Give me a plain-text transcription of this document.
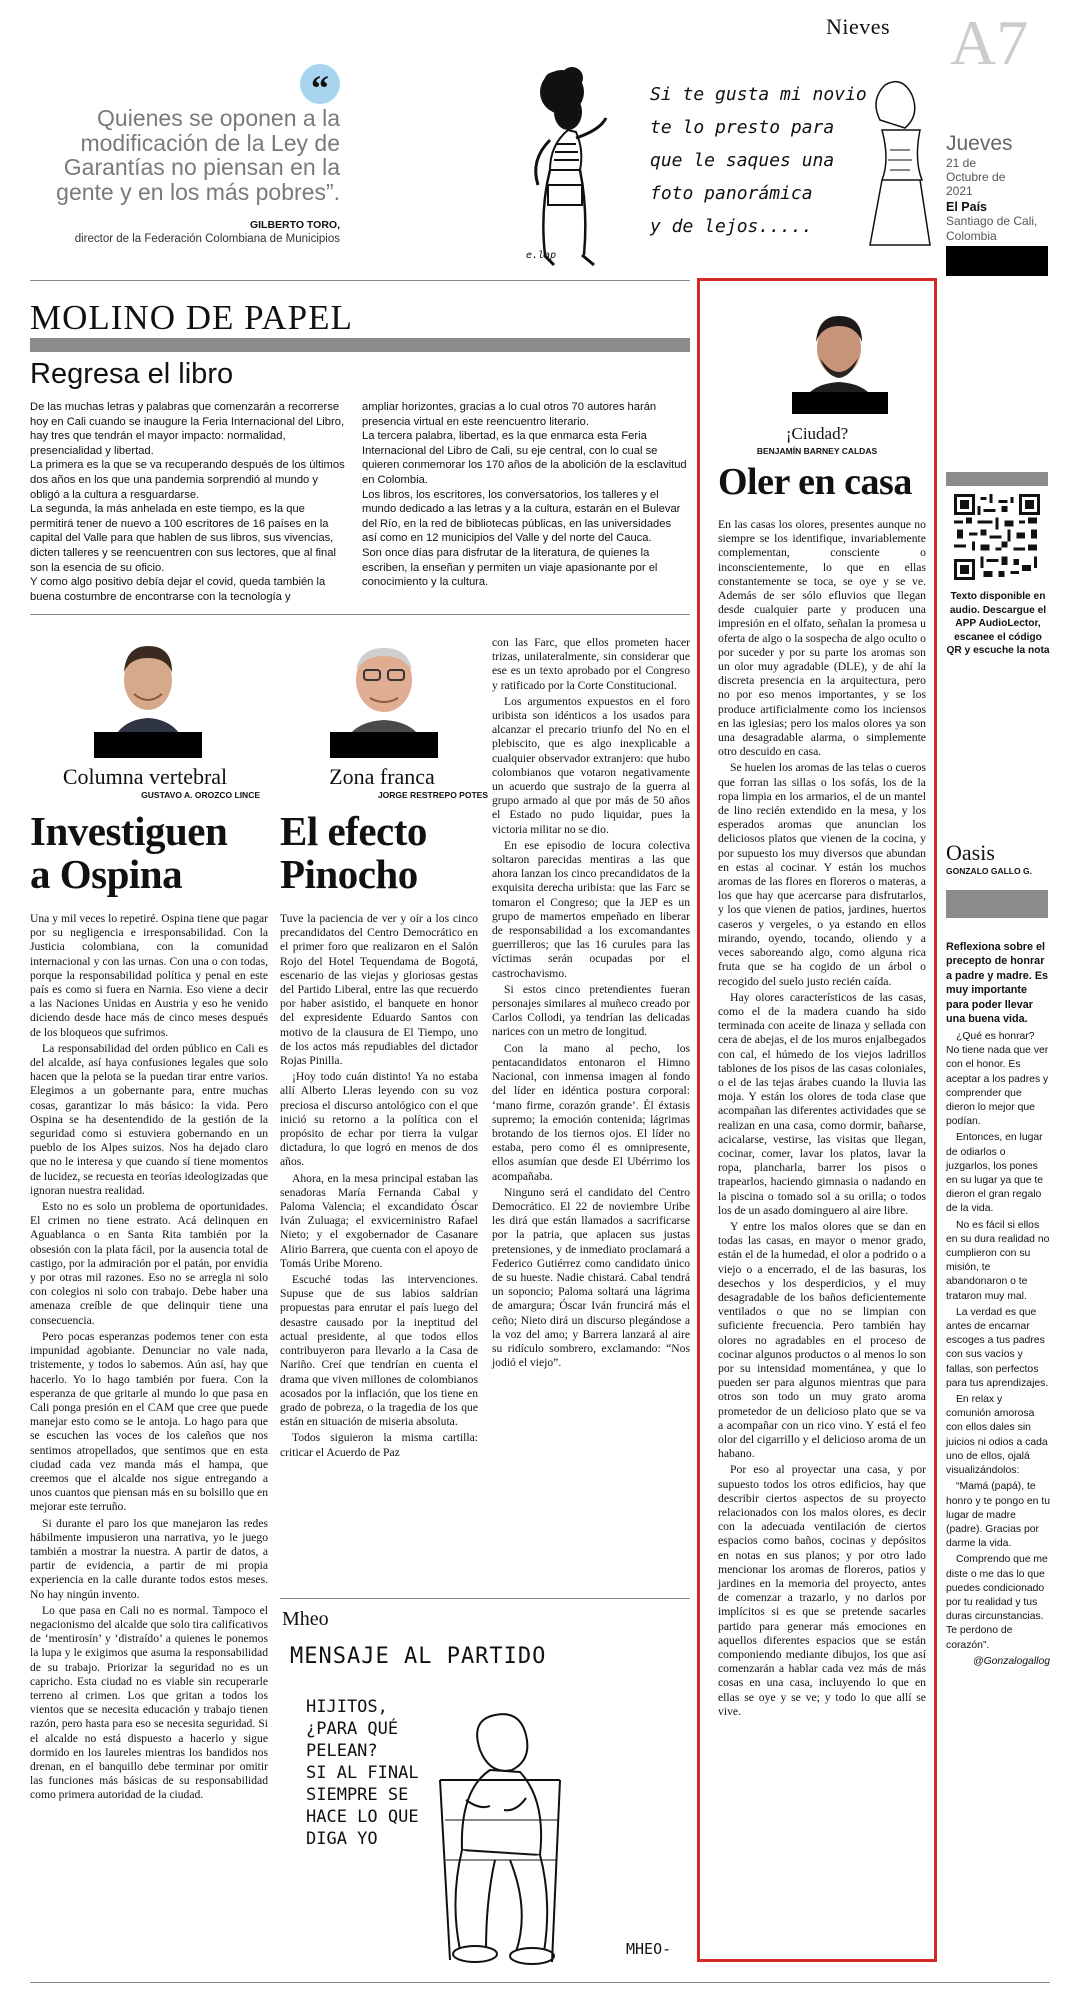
Nieves A7
Jueves
21 de Octubre de 2021
El País
Santiago de Cali, Colombia
“
Quienes se oponen a la modificación de la Ley de Garantías no piensan en la gente y en los más pobres”.
GILBERTO TORO,
director de la Federación Colombiana de Municipios
Si te gusta mi novio
te lo presto para
que le saques una
foto panorámica
y de lejos.....
e.lap
MOLINO DE PAPEL
Regresa el libro

De las muchas letras y palabras que comenzarán a recorrerse hoy en Cali cuando se inaugure la Feria Internacional del Libro, hay tres que tendrán el mayor impacto: normalidad, presencialidad y libertad.

La primera es la que se va recuperando después de los últimos dos años en los que una pandemia sorprendió al mundo y obligó a la cultura a resguardarse.

La segunda, la más anhelada en este tiempo, es la que permitirá tener de nuevo a 100 escritores de 16 países en la capital del Valle para que hablen de sus libros, sus vivencias, dicten talleres y se reencuentren con sus lectores, que al final son la esencia de su oficio.

Y como algo positivo debía dejar el covid, queda también la buena costumbre de encontrarse con la tecnología y

ampliar horizontes, gracias a lo cual otros 70 autores harán presencia virtual en este reencuentro literario.

La tercera palabra, libertad, es la que enmarca esta Feria Internacional del Libro de Cali, su eje central, con lo cual se quieren conmemorar los 170 años de la abolición de la esclavitud en Colombia.

Los libros, los escritores, los conversatorios, los talleres y el mundo dedicado a las letras y a la cultura, estarán en el Bulevar del Río, en la red de bibliotecas públicas, en las universidades así como en 12 municipios del Valle y del norte del Cauca.

Son once días para disfrutar de la literatura, de quienes la escriben, la enseñan y permiten un viaje apasionante por el conocimiento y la cultura.

Columna vertebral
GUSTAVO A. OROZCO LINCE
Investiguen
a Ospina

Una y mil veces lo repetiré. Ospina tiene que pagar por su negligencia e irresponsabilidad. Con la Justicia colombiana, con la comunidad internacional y con las urnas. Con una o con todas, porque la responsabilidad política y penal en este país es como si fuera en Narnia. Eso viene a decir a las Naciones Unidas en Austria y eso he venido diciendo desde hace más de cinco meses después de los bloqueos que sufrimos.

La responsabilidad del orden público en Cali es del alcalde, así haya confusiones legales que solo hacen que la pelota se la puedan tirar entre varios. Elegimos a un gobernante para, entre muchas cosas, garantizar lo más básico: la vida. Pero Ospina se ha desentendido de la gestión de la seguridad como si estuviera gobernando en un pueblo de los Alpes suizos. Nos ha dejado claro que no le interesa y que cuando sí tiene momentos de lucidez, se recuesta en teorías ideologizadas que ignoran nuestra realidad.

Esto no es solo un problema de oportunidades. El crimen no tiene estrato. Acá delinquen en Aguablanca o en Santa Rita también por la obsesión con la plata fácil, por la ausencia total de castigo, por la admiración por el patán, por envidia y por otras mil razones. Eso no se arregla ni solo con colegios ni solo con trabajo. Debe haber una amenaza creíble de que delinquir tiene una consecuencia.

Pero pocas esperanzas podemos tener con esta impunidad agobiante. Denunciar no vale nada, tristemente, y todos lo sabemos. Aún así, hay que hacerlo. Yo lo hago también por fuera. Con la esperanza de que gritarle al mundo lo que pasa en Cali ponga presión en el CAM que cree que puede manejar esto como se le antoja. Lo hago para que se escuchen las voces de los caleños que nos sentimos atropellados, que sentimos que en esta ciudad cada vez manda más el hampa, que creemos que el alcalde nos sigue entregando a unos cuantos que piensan más en su bolsillo que en mejorar este terruño.

Si durante el paro los que manejaron las redes hábilmente impusieron una narrativa, yo le juego también a mostrar la nuestra. A partir de datos, a partir de evidencia, a partir de mi propia experiencia en la calle durante todos estos meses. No hay ningún invento.

Lo que pasa en Cali no es normal. Tampoco el negacionismo del alcalde que solo tira calificativos de ‘mentirosín’ y ‘distraído’ a quienes le ponemos la lupa y le exigimos que asuma la responsabilidad de su trabajo. Priorizar la seguridad no es un capricho. Esta ciudad no es viable sin recuperarle terreno al crimen. Los que gritan a todos los vientos que se necesita educación y trabajo tienen razón, pero hasta para eso se necesita seguridad. Si el alcalde no está dispuesto a hacerlo y sigue dormido en los laureles mientras los bandidos nos drenan, en el banquillo debe terminar por omitir las funciones más básicas de su responsabilidad como primera autoridad de la ciudad.

Zona franca
JORGE RESTREPO POTES
El efecto
Pinocho

Tuve la paciencia de ver y oír a los cinco precandidatos del Centro Democrático en el primer foro que realizaron en el Salón Rojo del Hotel Tequendama de Bogotá, escenario de las viejas y gloriosas gestas del Partido Liberal, entre las que recuerdo por haber asistido, el banquete en honor del expresidente Eduardo Santos con motivo de la clausura de El Tiempo, uno de los actos más repudiables del dictador Rojas Pinilla.

¡Hoy todo cuán distinto! Ya no estaba allí Alberto Lleras leyendo con su voz preciosa el discurso antológico con el que inició su retorno a la política con el propósito de echar por tierra la vulgar dictadura, lo que logró en menos de dos años.

Ahora, en la mesa principal estaban las senadoras María Fernanda Cabal y Paloma Valencia; el excandidato Óscar Iván Zuluaga; el exvicerninistro Rafael Nieto; y el exgobernador de Casanare Alirio Barrera, que cuenta con el apoyo de Tomás Uribe Moreno.

Escuché todas las intervenciones. Supuse que de sus labios saldrían propuestas para enrutar el país luego del desastre causado por la ineptitud del actual presidente, al que todos ellos contribuyeron para llevarlo a la Casa de Nariño. Creí que tendrían en cuenta el drama que viven millones de colombianos acosados por la inflación, que los tiene en grado de pobreza, o la tragedia de los que están en situación de miseria absoluta.

Todos siguieron la misma cartilla: criticar el Acuerdo de Paz

con las Farc, que ellos prometen hacer trizas, unilateralmente, sin considerar que ese es un texto aprobado por el Congreso y ratificado por la Corte Constitucional.

Los argumentos expuestos en el foro uribista son idénticos a los usados para alcanzar el precario triunfo del No en el plebiscito, que es algo inexplicable a cualquier observador extranjero: que hubo colombianos que votaron negativamente un acuerdo que sustrajo de la guerra al grupo armado al que por más de 50 años el Estado no pudo liquidar, pues la victoria militar no se dio.

En ese episodio de locura colectiva soltaron parecidas mentiras a las que ahora lanzan los cinco precandidatos de la exquisita derecha uribista: que las Farc se tomaron el Congreso; que la JEP es un grupo de mamertos empeñado en liberar de responsabilidad a los excomandantes guerrilleros; que las 16 curules para las víctimas serán ocupadas por el castrochavismo.

Si estos cinco pretendientes fueran personajes similares al muñeco creado por Carlos Collodi, ya tendrían las delicadas narices con un metro de longitud.

Con la mano al pecho, los pentacandidatos entonaron el Himno Nacional, con inmensa imagen al fondo del líder en idéntica postura corporal: ‘mano firme, corazón grande’. Él éxtasis supremo; la emoción contenida; lágrimas brotando de los tiernos ojos. El líder no estaba, pero como él es omnipresente, ellos asumían que desde El Ubérrimo los acompañaba.

Ninguno será el candidato del Centro Democrático. El 22 de noviembre Uribe les dirá que están llamados a sacrificarse por la patria, que aplacen sus justas pretensiones, y de inmediato proclamará a Federico Gutiérrez como candidato único de su hueste. Nadie chistará. Cabal tendrá un soponcio; Paloma soltará una lágrima de amargura; Óscar Iván fruncirá más el ceño; Nieto dirá un discurso plegándose a la voz del amo; y Barrera lanzará al aire su ridículo sombrero, exclamando: “Nos jodió el viejo”.

Mheo
MENSAJE AL PARTIDO
HIJITOS,
¿PARA QUÉ
PELEAN?
SI AL FINAL
SIEMPRE SE
HACE LO QUE
DIGA YO
MHEO-
¡Ciudad?
BENJAMÍN BARNEY CALDAS
Oler en casa

En las casas los olores, presentes aunque no siempre se los identifique, invariablemente complementan, consciente o inconscientemente, lo que en ellas constantemente se toca, se oye y se ve. Además de ser sólo efluvios que llegan desde cualquier parte y producen una impresión en el olfato, señalan la promesa u oferta de algo o la sospecha de algo oculto o por suceder y por su parte los aromas son un olor muy agradable (DLE), y de ahí la discreta presencia en la arquitectura, pero no por eso menos importantes, y se los produce artificialmente como los inciensos en las iglesias; pero los malos olores ya son una desagradable alarma, o simplemente otro descuido en casa.

Se huelen los aromas de las telas o cueros que forran las sillas o los sofás, los de la ropa limpia en los armarios, el de un mantel de lino recién extendido en la mesa, y los esperados aromas que anuncian los deliciosos platos que vienen de la cocina, y por supuesto los muy diversos que abundan en estas al cocinar. Y están los muchos aromas de las flores en floreros o materas, a los que hay que acercarse para disfrutarlos, y los que vienen de patios, jardines, huertos caseros y vergeles, o ya estando en ellos mirando, oyendo, tocando, oliendo y a veces saboreando algo, como alguna rica fruta que se ha cogido de un árbol o recogido del suelo justo recién caída.

Hay olores característicos de las casas, como el de la madera cuando ha sido terminada con aceite de linaza y sellada con cera de abejas, el de los muros enjalbegados con cal, el húmedo de los viejos ladrillos tablones de los pisos de las casas coloniales, o el de las tejas árabes cuando la lluvia las moja. Y están los olores de toda clase que acompañan las diferentes actividades que se realizan en una casa, como dormir, bañarse, acicalarse, vestirse, las visitas que llegan, cocinar, comer, lavar los platos, lavar la ropa, plancharla, barrer los pisos o trapearlos, haciendo gimnasia o nadando en la piscina o tomado sol a su orilla; o todos los de un asado dominguero al aire libre.

Y entre los malos olores que se dan en todas las casas, en mayor o menor grado, están el de la humedad, el olor a podrido o a viejo o a encerrado, el de las basuras, los desechos y los desperdicios, y el muy desagradable de los baños deficientemente ventilados o que no se limpian con suficiente frecuencia. Pero también hay olores no agradables en el proceso de cocinar algunos productos o al menos lo son por su intensidad momentánea, y que lo pueden ser para algunos mientras que para otros son todo un muy grato aroma prometedor de un delicioso plato que se va a acompañar con un rico vino. Y está el feo olor del cigarrillo y el delicioso aroma de un habano.

Por eso al proyectar una casa, y por supuesto todos los otros edificios, hay que describir ciertos aspectos de su proyecto relacionados con los malos olores, es decir con la adecuada ventilación de ciertos espacios como baños, cocinas y depósitos en notas en sus planos; y por otro lado mencionar los aromas de floreros, patios y jardines en la memoria del proyecto, antes de comenzar a trazarlo, y no darlos por implícitos si es que se pretende sacarles partido para generar más emociones en aquellos diferentes espacios que se están componiendo mediante dibujos, los que así comenzarán a hablar cada vez más de más cosas en una casa, incluyendo lo que en ellas se oye y se ve; y todo lo que allí se vive.

Texto disponible en audio. Descargue el APP AudioLector, escanee el código QR y escuche la nota
Oasis
GONZALO GALLO G.
Reflexiona sobre el precepto de honrar a padre y madre. Es muy importante para poder llevar una buena vida.

¿Qué es honrar? No tiene nada que ver con el honor. Es aceptar a los padres y comprender que dieron lo mejor que podían.

Entonces, en lugar de odiarlos o juzgarlos, los pones en su lugar ya que te dieron el gran regalo de la vida.

No es fácil si ellos en su dura realidad no cumplieron con su misión, te abandonaron o te trataron muy mal.

La verdad es que antes de encarnar escoges a tus padres con sus vacíos y fallas, son perfectos para tus aprendizajes.

En relax y comunión amorosa con ellos dales sin juicios ni odios a cada uno de ellos, ojalá visualizándolos:

“Mamá (papá), te honro y te pongo en tu lugar de madre (padre). Gracias por darme la vida.

Comprendo que me diste o me das lo que puedes condicionado por tu realidad y tus duras circunstancias. Te perdono de corazón”.

@Gonzalogallog
